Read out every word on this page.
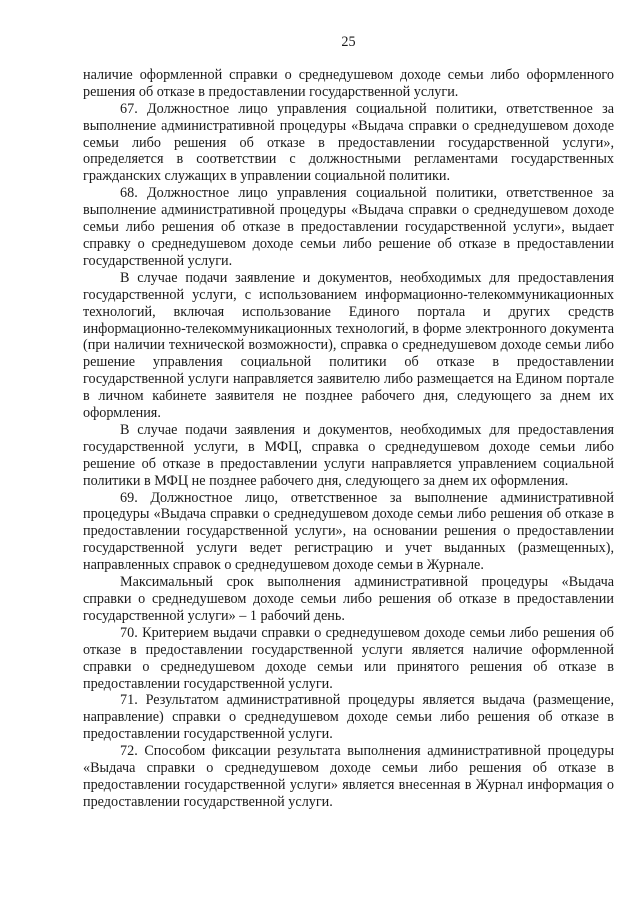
25

наличие оформленной справки о среднедушевом доходе семьи либо оформленного решения об отказе в предоставлении государственной услуги.

67. Должностное лицо управления социальной политики, ответственное за выполнение административной процедуры «Выдача справки о среднедушевом доходе семьи либо решения об отказе в предоставлении государственной услуги», определяется в соответствии с должностными регламентами государственных гражданских служащих в управлении социальной политики.

68. Должностное лицо управления социальной политики, ответственное за выполнение административной процедуры «Выдача справки о среднедушевом доходе семьи либо решения об отказе в предоставлении государственной услуги», выдает справку о среднедушевом доходе семьи либо решение об отказе в предоставлении государственной услуги.

В случае подачи заявление и документов, необходимых для предоставления государственной услуги, с использованием информационно-телекоммуникационных технологий, включая использование Единого портала и других средств информационно-телекоммуникационных технологий, в форме электронного документа (при наличии технической возможности), справка о среднедушевом доходе семьи либо решение управления социальной политики об отказе в предоставлении государственной услуги направляется заявителю либо размещается на Едином портале в личном кабинете заявителя не позднее рабочего дня, следующего за днем их оформления.

В случае подачи заявления и документов, необходимых для предоставления государственной услуги, в МФЦ, справка о среднедушевом доходе семьи либо решение об отказе в предоставлении услуги направляется управлением социальной политики в МФЦ не позднее рабочего дня, следующего за днем их оформления.

69. Должностное лицо, ответственное за выполнение административной процедуры «Выдача справки о среднедушевом доходе семьи либо решения об отказе в предоставлении государственной услуги», на основании решения о предоставлении государственной услуги ведет регистрацию и учет выданных (размещенных), направленных справок о среднедушевом доходе семьи в Журнале.

Максимальный срок выполнения административной процедуры «Выдача справки о среднедушевом доходе семьи либо решения об отказе в предоставлении государственной услуги» – 1 рабочий день.

70. Критерием выдачи справки о среднедушевом доходе семьи либо решения об отказе в предоставлении государственной услуги является наличие оформленной справки о среднедушевом доходе семьи или принятого решения об отказе в предоставлении государственной услуги.

71. Результатом административной процедуры является выдача (размещение, направление) справки о среднедушевом доходе семьи либо решения об отказе в предоставлении государственной услуги.

72. Способом фиксации результата выполнения административной процедуры «Выдача справки о среднедушевом доходе семьи либо решения об отказе в предоставлении государственной услуги» является внесенная в Журнал информация о предоставлении государственной услуги.
